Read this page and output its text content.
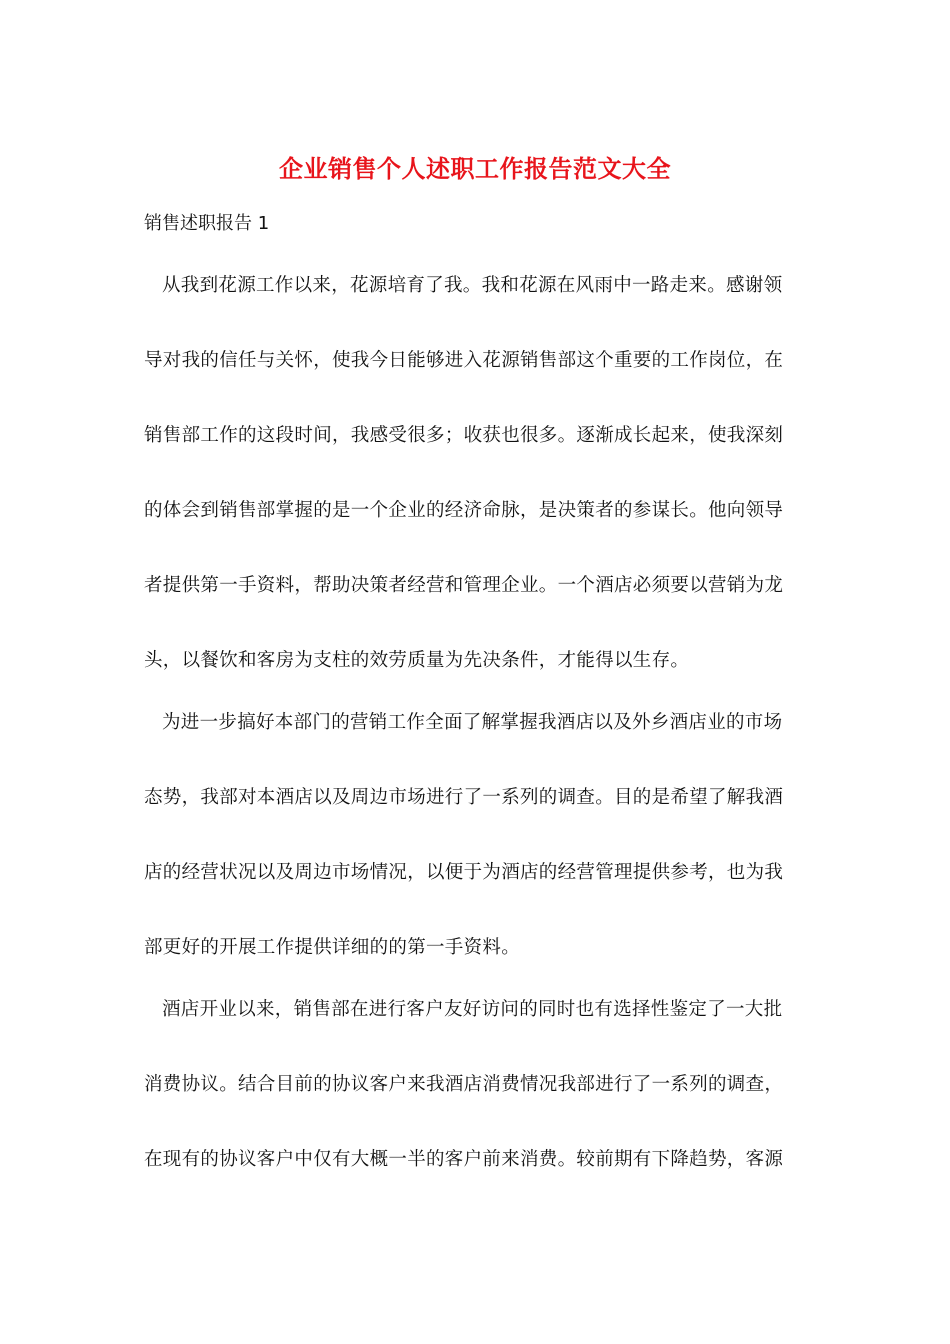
企业销售个人述职工作报告范文大全
销售述职报告 1
从我到花源工作以来，花源培育了我。我和花源在风雨中一路走来。感谢领
导对我的信任与关怀，使我今日能够进入花源销售部这个重要的工作岗位，在
销售部工作的这段时间，我感受很多；收获也很多。逐渐成长起来，使我深刻
的体会到销售部掌握的是一个企业的经济命脉，是决策者的参谋长。他向领导
者提供第一手资料，帮助决策者经营和管理企业。一个酒店必须要以营销为龙
头，以餐饮和客房为支柱的效劳质量为先决条件，才能得以生存。
为进一步搞好本部门的营销工作全面了解掌握我酒店以及外乡酒店业的市场
态势，我部对本酒店以及周边市场进行了一系列的调查。目的是希望了解我酒
店的经营状况以及周边市场情况，以便于为酒店的经营管理提供参考，也为我
部更好的开展工作提供详细的的第一手资料。
酒店开业以来，销售部在进行客户友好访问的同时也有选择性鉴定了一大批
消费协议。结合目前的协议客户来我酒店消费情况我部进行了一系列的调查，
在现有的协议客户中仅有大概一半的客户前来消费。较前期有下降趋势，客源
